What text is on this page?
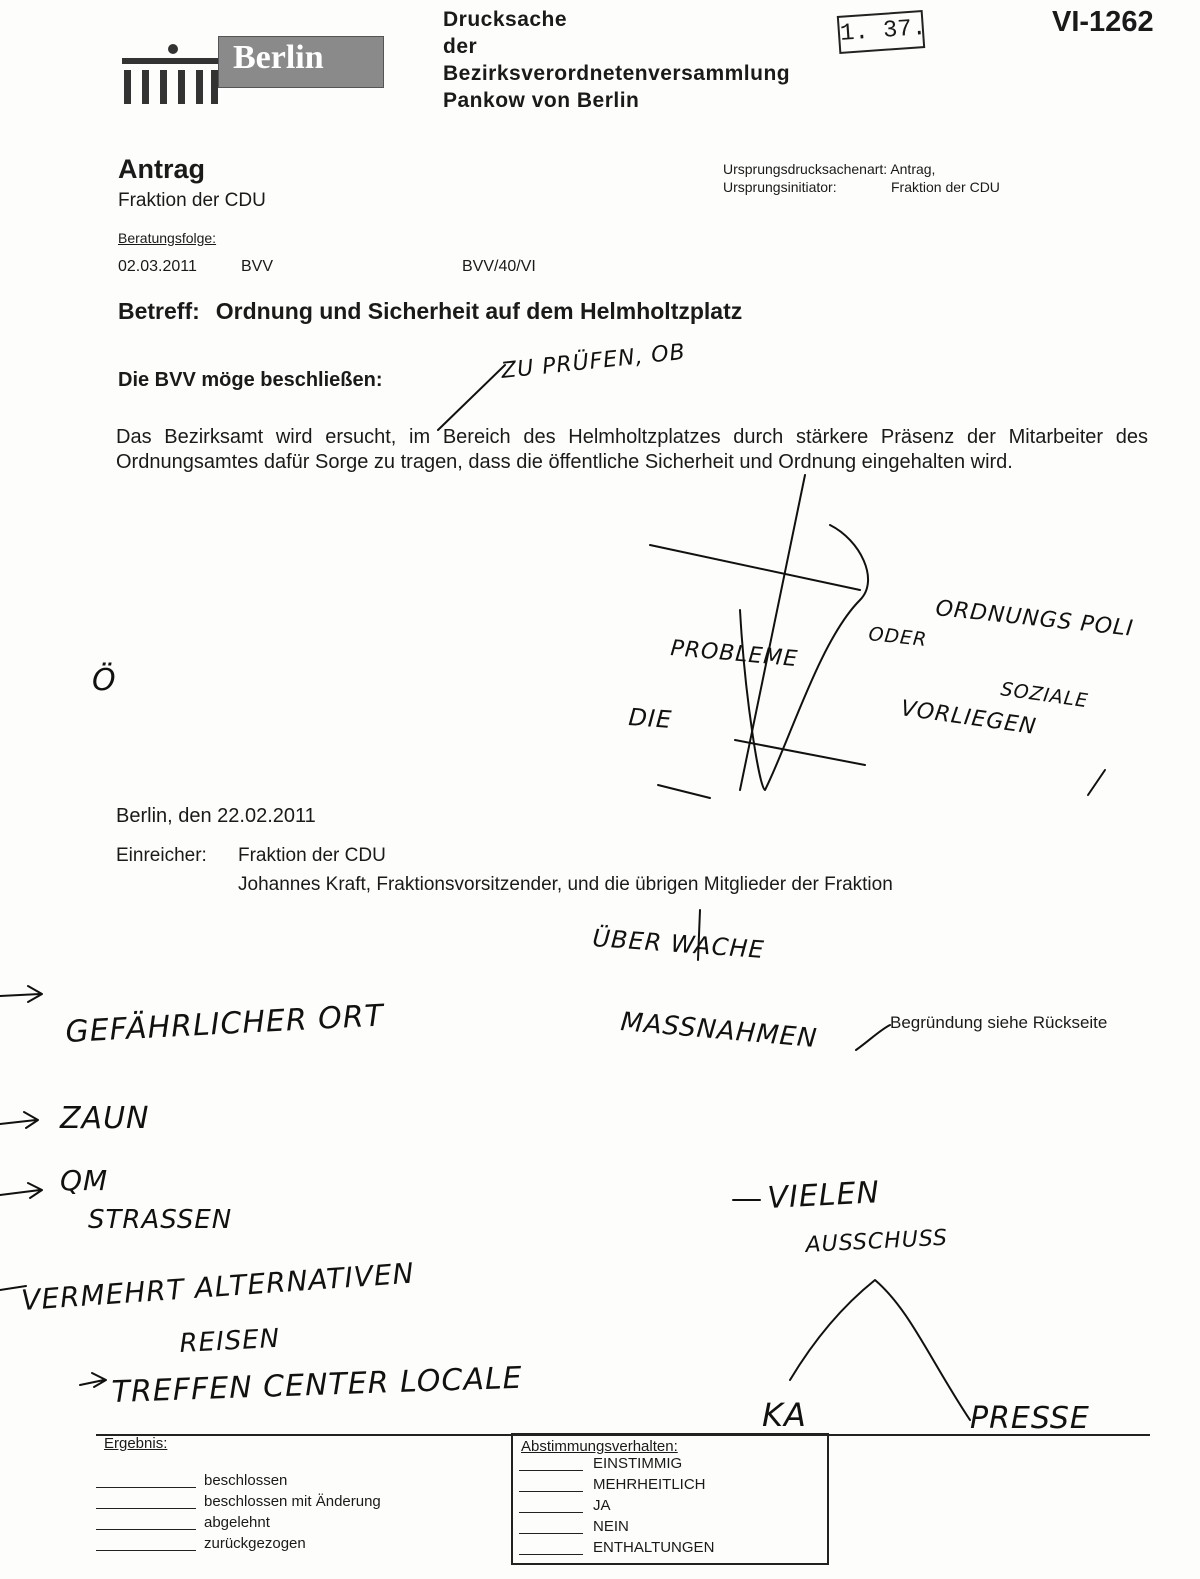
Berlin
Drucksache
der
Bezirksverordnetenversammlung
Pankow von Berlin
1. 37.	VI-1262
Antrag
Fraktion der CDU
Ursprungsdrucksachenart: Antrag,
Ursprungsinitiator:	Fraktion der CDU
Beratungsfolge:
02.03.2011	BVV	BVV/40/VI
Betreff: Ordnung und Sicherheit auf dem Helmholtzplatz
Die BVV möge beschließen:
Das Bezirksamt wird ersucht, im Bereich des Helmholtzplatzes durch stärkere Präsenz der Mitarbeiter des Ordnungsamtes dafür Sorge zu tragen, dass die öffentliche Sicherheit und Ordnung eingehalten wird.
Berlin, den 22.02.2011
Einreicher: Fraktion der CDU
Johannes Kraft, Fraktionsvorsitzender, und die übrigen Mitglieder der Fraktion
Begründung siehe Rückseite
Ergebnis:
beschlossen
beschlossen mit Änderung
abgelehnt
zurückgezogen
Abstimmungsverhalten:
EINSTIMMIG
MEHRHEITLICH
JA
NEIN
ENTHALTUNGEN
ZU PRÜFEN, OB
ORDNUNGS POLI
ODER
SOZIALE
PROBLEME
VORLIEGEN
DIE
ÜBER WACHE
MASSNAHMEN
GEFÄHRLICHER ORT
ZAUN
QM
STRASSEN
VERMEHRT ALTERNATIVEN
REISEN
TREFFEN CENTER LOCALE
VIELEN
AUSSCHUSS
KA	PRESSE
Ö
